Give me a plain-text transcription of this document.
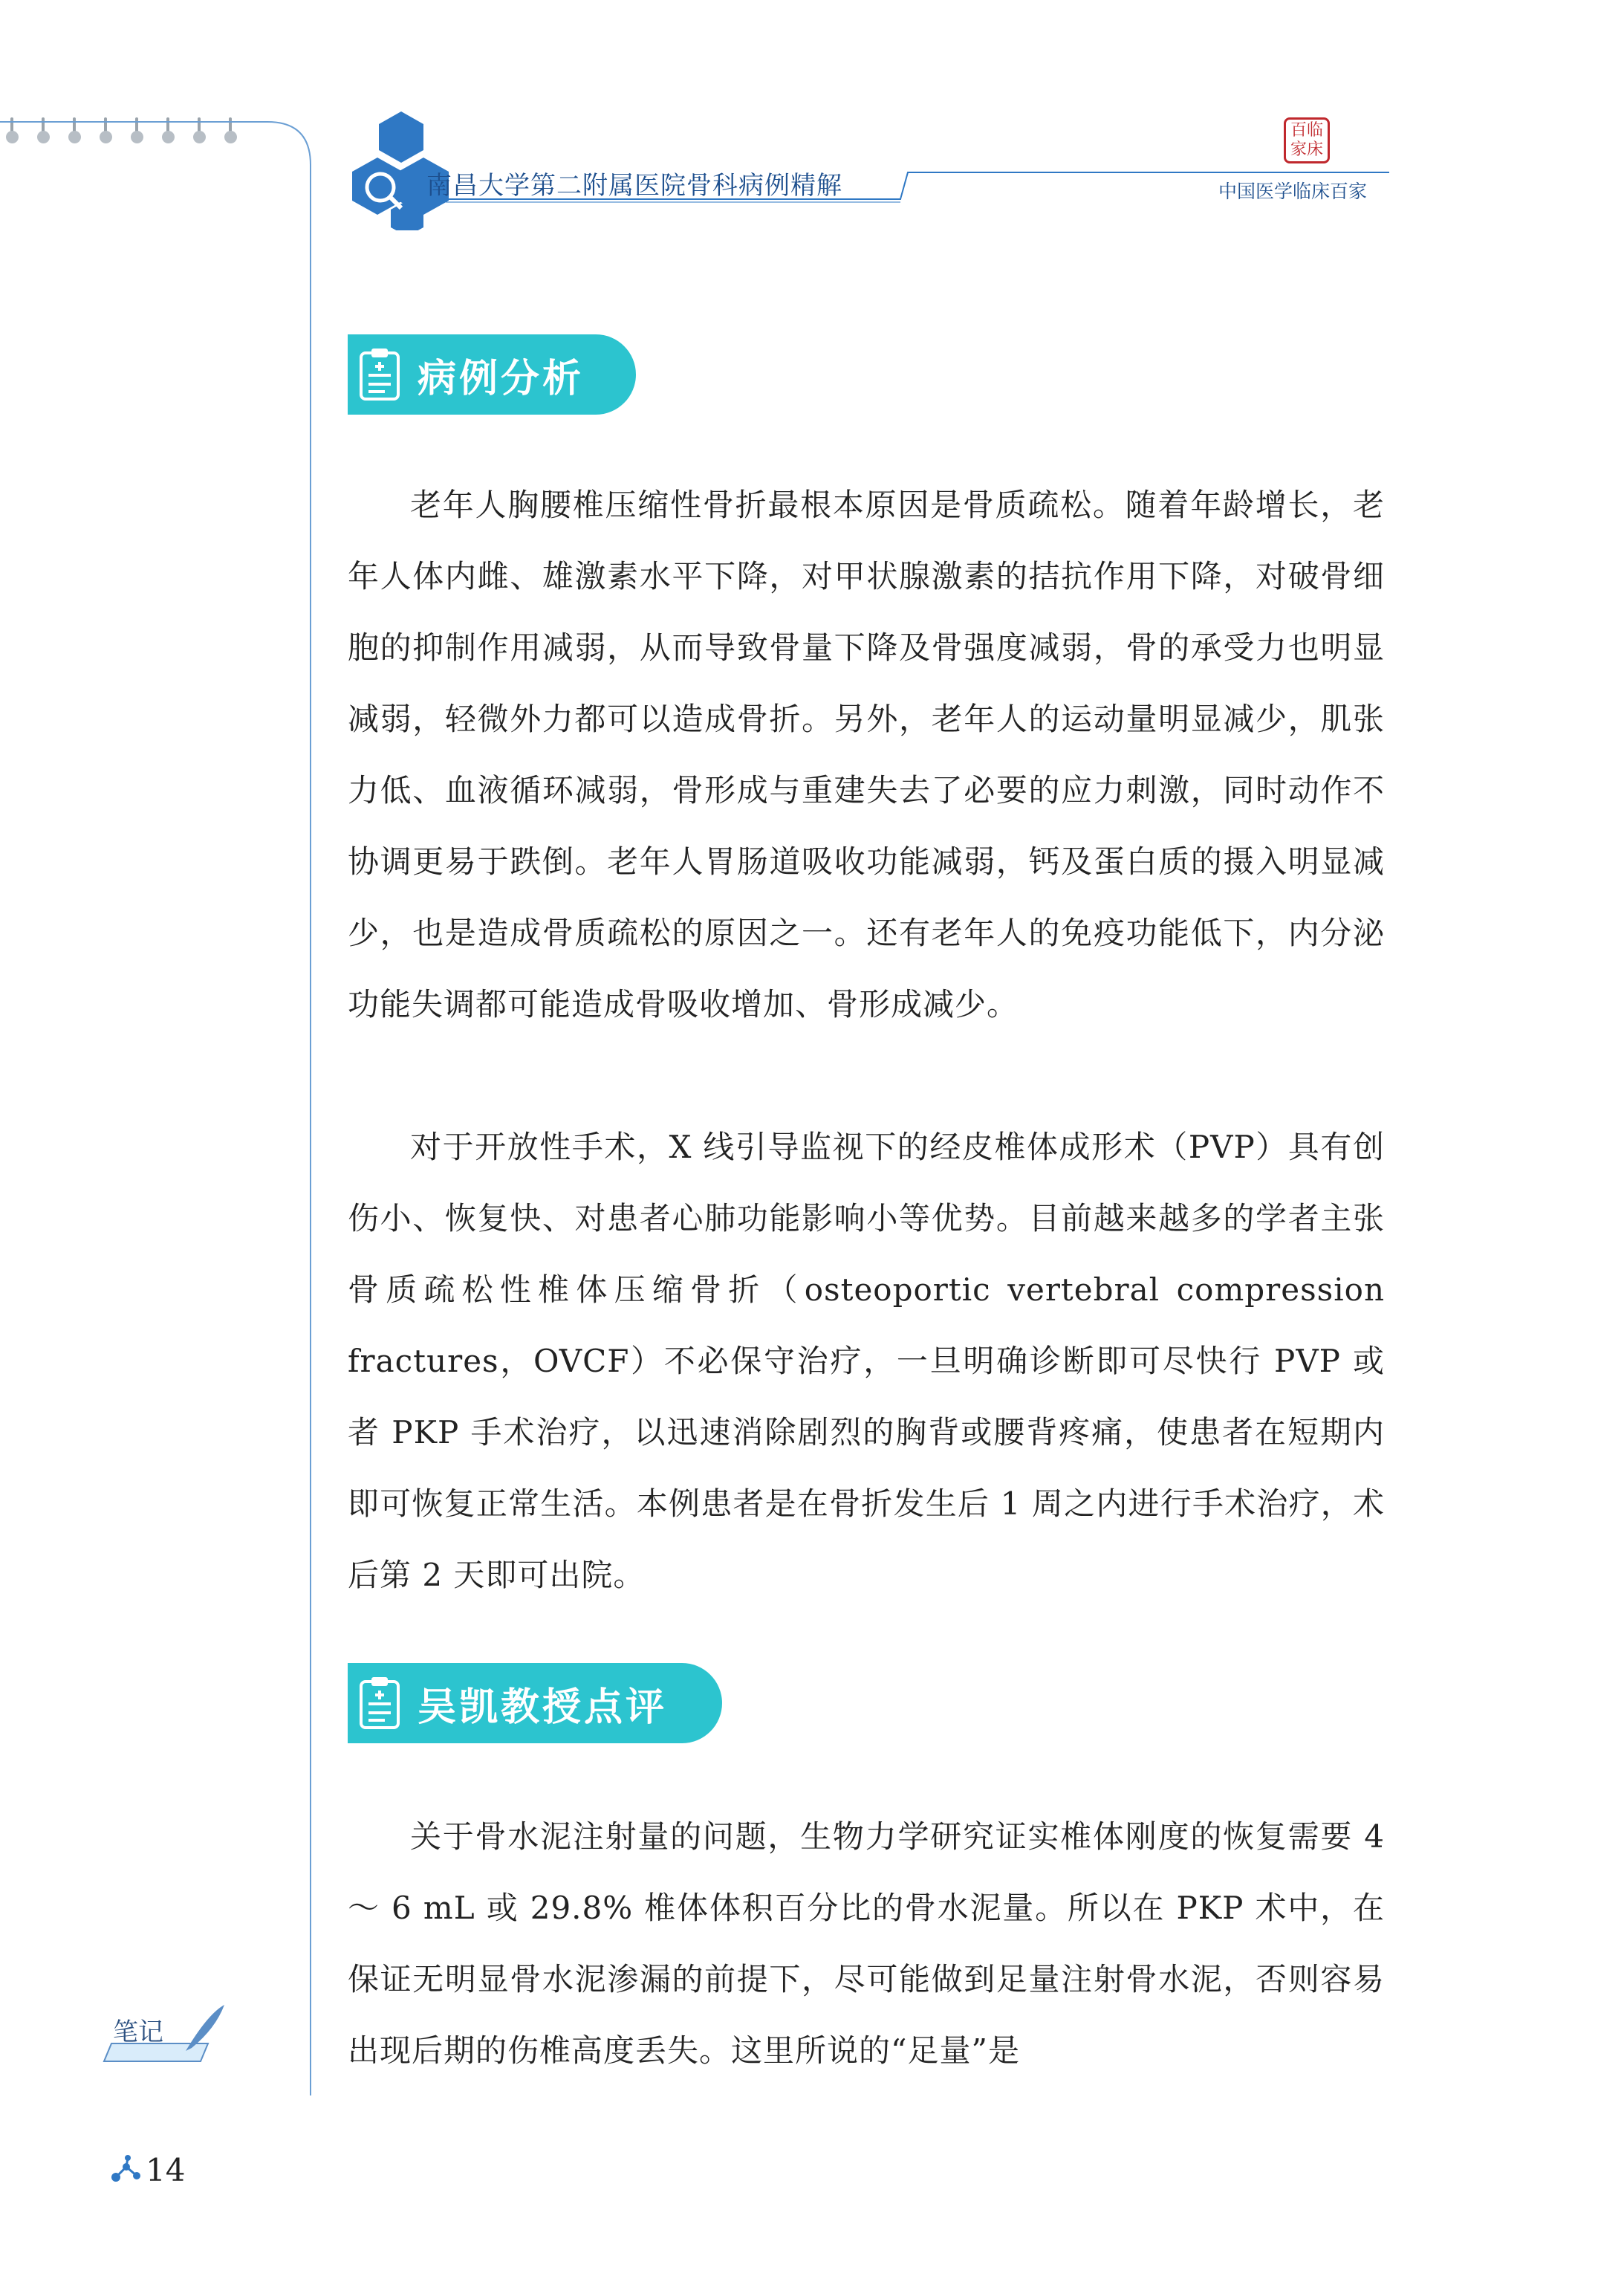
南昌大学第二附属医院骨科病例精解
百临家床
中国医学临床百家
病例分析

老年人胸腰椎压缩性骨折最根本原因是骨质疏松。随着年龄增长，老年人体内雌、雄激素水平下降，对甲状腺激素的拮抗作用下降，对破骨细胞的抑制作用减弱，从而导致骨量下降及骨强度减弱，骨的承受力也明显减弱，轻微外力都可以造成骨折。另外，老年人的运动量明显减少，肌张力低、血液循环减弱，骨形成与重建失去了必要的应力刺激，同时动作不协调更易于跌倒。老年人胃肠道吸收功能减弱，钙及蛋白质的摄入明显减少，也是造成骨质疏松的原因之一。还有老年人的免疫功能低下，内分泌功能失调都可能造成骨吸收增加、骨形成减少。

对于开放性手术，X 线引导监视下的经皮椎体成形术（PVP）具有创伤小、恢复快、对患者心肺功能影响小等优势。目前越来越多的学者主张骨质疏松性椎体压缩骨折（osteoportic vertebral compression fractures，OVCF）不必保守治疗，一旦明确诊断即可尽快行 PVP 或者 PKP 手术治疗，以迅速消除剧烈的胸背或腰背疼痛，使患者在短期内即可恢复正常生活。本例患者是在骨折发生后 1 周之内进行手术治疗，术后第 2 天即可出院。

吴凯教授点评

关于骨水泥注射量的问题，生物力学研究证实椎体刚度的恢复需要 4 ～ 6 mL 或 29.8% 椎体体积百分比的骨水泥量。所以在 PKP 术中，在保证无明显骨水泥渗漏的前提下，尽可能做到足量注射骨水泥，否则容易出现后期的伤椎高度丢失。这里所说的“足量”是

笔记
14
